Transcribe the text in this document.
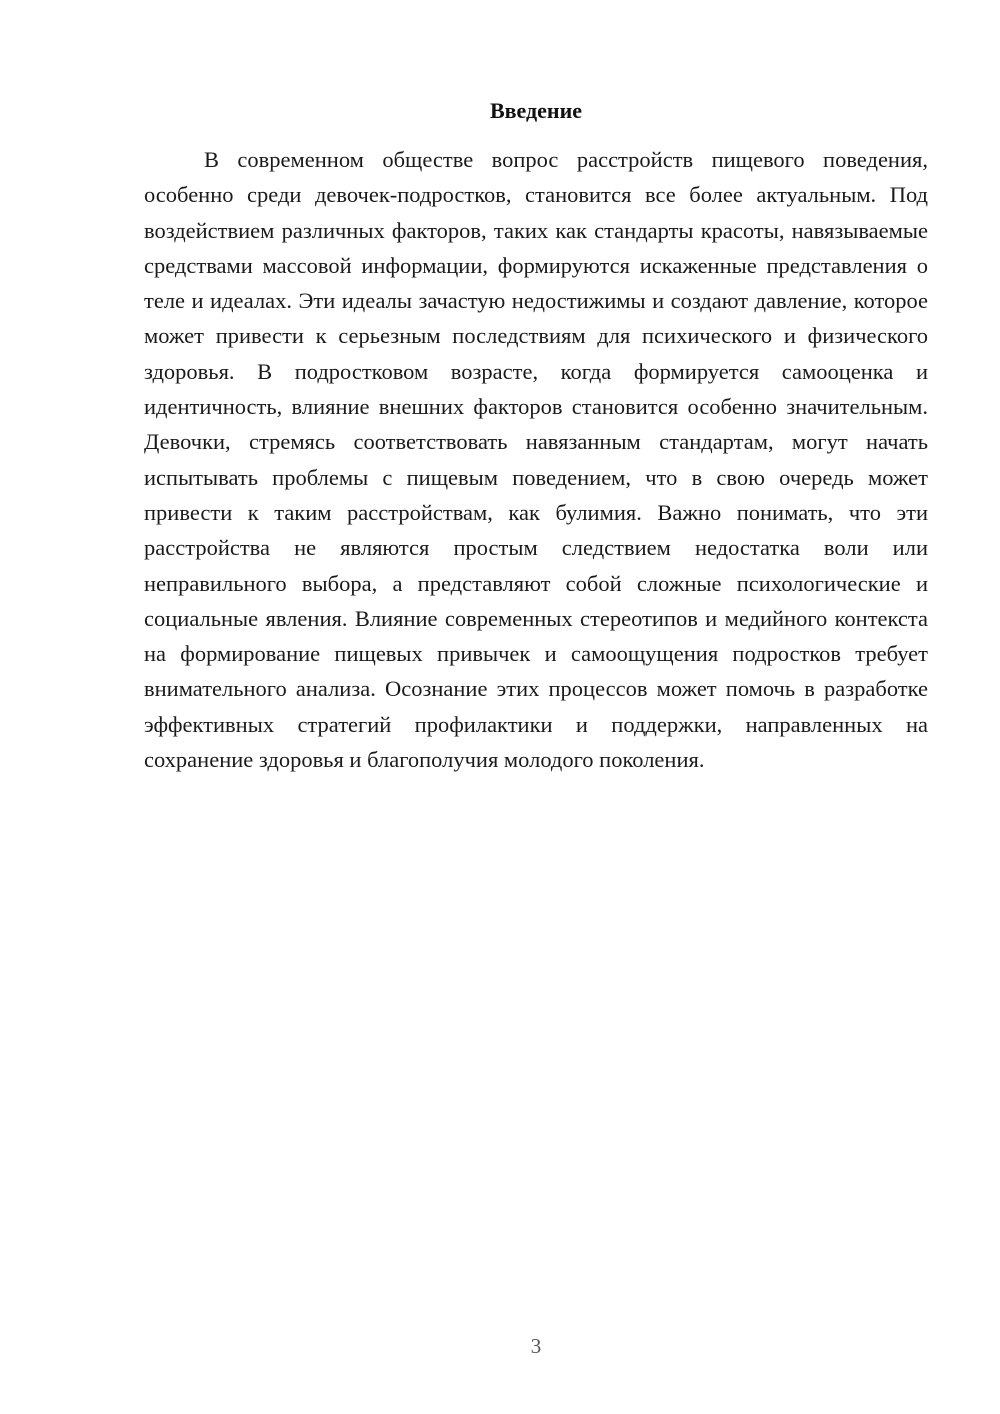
Введение

В современном обществе вопрос расстройств пищевого поведения, особенно среди девочек-подростков, становится все более актуальным. Под воздействием различных факторов, таких как стандарты красоты, навязываемые средствами массовой информации, формируются искаженные представления о теле и идеалах. Эти идеалы зачастую недостижимы и создают давление, которое может привести к серьезным последствиям для психического и физического здоровья. В подростковом возрасте, когда формируется самооценка и идентичность, влияние внешних факторов становится особенно значительным. Девочки, стремясь соответствовать навязанным стандартам, могут начать испытывать проблемы с пищевым поведением, что в свою очередь может привести к таким расстройствам, как булимия. Важно понимать, что эти расстройства не являются простым следствием недостатка воли или неправильного выбора, а представляют собой сложные психологические и социальные явления. Влияние современных стереотипов и медийного контекста на формирование пищевых привычек и самоощущения подростков требует внимательного анализа. Осознание этих процессов может помочь в разработке эффективных стратегий профилактики и поддержки, направленных на сохранение здоровья и благополучия молодого поколения.

3
